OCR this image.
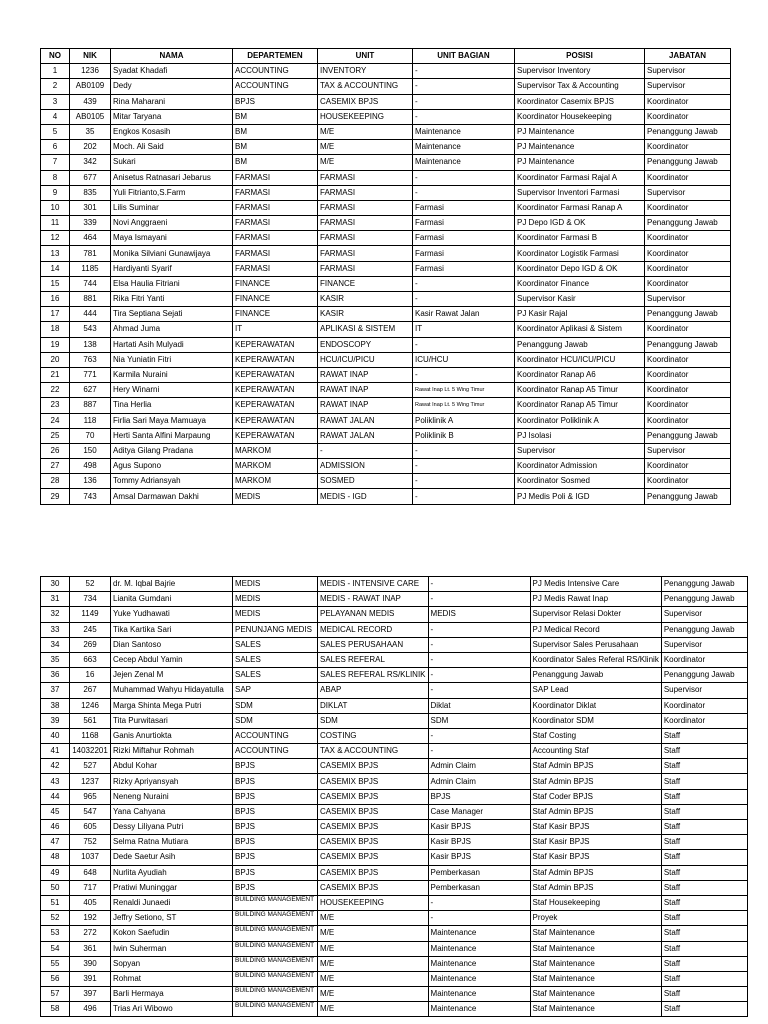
NO	NIK	NAMA	DEPARTEMEN	UNIT	UNIT BAGIAN	POSISI	JABATAN
1	1236	Syadat Khadafi	ACCOUNTING	INVENTORY	-	Supervisor Inventory	Supervisor
2	AB0109	Dedy	ACCOUNTING	TAX & ACCOUNTING	-	Supervisor Tax & Accounting	Supervisor
3	439	Rina Maharani	BPJS	CASEMIX BPJS	-	Koordinator Casemix BPJS	Koordinator
4	AB0105	Mitar Taryana	BM	HOUSEKEEPING	-	Koordinator Housekeeping	Koordinator
5	35	Engkos Kosasih	BM	M/E	Maintenance	PJ Maintenance	Penanggung Jawab
6	202	Moch. Ali Said	BM	M/E	Maintenance	PJ Maintenance	Koordinator
7	342	Sukari	BM	M/E	Maintenance	PJ Maintenance	Penanggung Jawab
8	677	Anisetus Ratnasari Jebarus	FARMASI	FARMASI	-	Koordinator Farmasi Rajal A	Koordinator
9	835	Yuli Fitrianto,S.Farm	FARMASI	FARMASI	-	Supervisor Inventori Farmasi	Supervisor
10	301	Lilis Suminar	FARMASI	FARMASI	Farmasi	Koordinator Farmasi Ranap A	Koordinator
11	339	Novi Anggraeni	FARMASI	FARMASI	Farmasi	PJ Depo IGD & OK	Penanggung Jawab
12	464	Maya Ismayani	FARMASI	FARMASI	Farmasi	Koordinator Farmasi B	Koordinator
13	781	Monika Silviani Gunawijaya	FARMASI	FARMASI	Farmasi	Koordinator Logistik Farmasi	Koordinator
14	1185	Hardiyanti Syarif	FARMASI	FARMASI	Farmasi	Koordinator Depo IGD & OK	Koordinator
15	744	Elsa Haulia Fitriani	FINANCE	FINANCE	-	Koordinator Finance	Koordinator
16	881	Rika Fitri Yanti	FINANCE	KASIR	-	Supervisor Kasir	Supervisor
17	444	Tira Septiana Sejati	FINANCE	KASIR	Kasir Rawat Jalan	PJ Kasir Rajal	Penanggung Jawab
18	543	Ahmad Juma	IT	APLIKASI & SISTEM	IT	Koordinator Aplikasi & Sistem	Koordinator
19	138	Hartati Asih Mulyadi	KEPERAWATAN	ENDOSCOPY	-	Penanggung Jawab	Penanggung Jawab
20	763	Nia Yuniatin Fitri	KEPERAWATAN	HCU/ICU/PICU	ICU/HCU	Koordinator HCU/ICU/PICU	Koordinator
21	771	Karmila Nuraini	KEPERAWATAN	RAWAT INAP	-	Koordinator Ranap A6	Koordinator
22	627	Hery Winarni	KEPERAWATAN	RAWAT INAP	Rawat Inap Lt. 5 Wing Timur	Koordinator Ranap A5 Timur	Koordinator
23	887	Tina Herlia	KEPERAWATAN	RAWAT INAP	Rawat Inap Lt. 5 Wing Timur	Koordinator Ranap A5 Timur	Koordinator
24	118	Firlia Sari Maya Mamuaya	KEPERAWATAN	RAWAT JALAN	Poliklinik A	Koordinator Poliklinik A	Koordinator
25	70	Herti Santa Alfini Marpaung	KEPERAWATAN	RAWAT JALAN	Poliklinik B	PJ Isolasi	Penanggung Jawab
26	150	Aditya Gilang Pradana	MARKOM	-	-	Supervisor	Supervisor
27	498	Agus Supono	MARKOM	ADMISSION	-	Koordinator Admission	Koordinator
28	136	Tommy Adriansyah	MARKOM	SOSMED	-	Koordinator Sosmed	Koordinator
29	743	Amsal Darmawan Dakhi	MEDIS	MEDIS - IGD	-	PJ Medis Poli & IGD	Penanggung Jawab
30	52	dr. M. Iqbal Bajrie	MEDIS	MEDIS - INTENSIVE CARE	-	PJ Medis Intensive Care	Penanggung Jawab
31	734	Lianita Gumdani	MEDIS	MEDIS - RAWAT INAP	-	PJ Medis Rawat Inap	Penanggung Jawab
32	1149	Yuke Yudhawati	MEDIS	PELAYANAN MEDIS	MEDIS	Supervisor Relasi Dokter	Supervisor
33	245	Tika Kartika Sari	PENUNJANG MEDIS	MEDICAL RECORD	-	PJ Medical Record	Penanggung Jawab
34	269	Dian Santoso	SALES	SALES PERUSAHAAN	-	Supervisor Sales Perusahaan	Supervisor
35	663	Cecep Abdul Yamin	SALES	SALES REFERAL	-	Koordinator Sales Referal RS/Klinik	Koordinator
36	16	Jejen Zenal M	SALES	SALES REFERAL RS/KLINIK	-	Penanggung Jawab	Penanggung Jawab
37	267	Muhammad Wahyu Hidayatulla	SAP	ABAP	-	SAP Lead	Supervisor
38	1246	Marga Shinta Mega Putri	SDM	DIKLAT	Diklat	Koordinator Diklat	Koordinator
39	561	Tita Purwitasari	SDM	SDM	SDM	Koordinator SDM	Koordinator
40	1168	Ganis Anurtiokta	ACCOUNTING	COSTING	-	Staf Costing	Staff
41	14032201	Rizki Miftahur Rohmah	ACCOUNTING	TAX & ACCOUNTING	-	Accounting Staf	Staff
42	527	Abdul Kohar	BPJS	CASEMIX BPJS	Admin Claim	Staf Admin BPJS	Staff
43	1237	Rizky Apriyansyah	BPJS	CASEMIX BPJS	Admin Claim	Staf Admin BPJS	Staff
44	965	Neneng Nuraini	BPJS	CASEMIX BPJS	BPJS	Staf Coder BPJS	Staff
45	547	Yana Cahyana	BPJS	CASEMIX BPJS	Case Manager	Staf Admin BPJS	Staff
46	605	Dessy Liliyana Putri	BPJS	CASEMIX BPJS	Kasir BPJS	Staf Kasir BPJS	Staff
47	752	Selma Ratna Mutiara	BPJS	CASEMIX BPJS	Kasir BPJS	Staf Kasir BPJS	Staff
48	1037	Dede Saetur Asih	BPJS	CASEMIX BPJS	Kasir BPJS	Staf Kasir BPJS	Staff
49	648	Nurlita Ayudiah	BPJS	CASEMIX BPJS	Pemberkasan	Staf Admin BPJS	Staff
50	717	Pratiwi Muninggar	BPJS	CASEMIX BPJS	Pemberkasan	Staf Admin BPJS	Staff
51	405	Renaldi Junaedi	BUILDING MANAGEMENT	HOUSEKEEPING	-	Staf Housekeeping	Staff
52	192	Jeffry Setiono, ST	BUILDING MANAGEMENT	M/E	-	Proyek	Staff
53	272	Kokon Saefudin	BUILDING MANAGEMENT	M/E	Maintenance	Staf Maintenance	Staff
54	361	Iwin Suherman	BUILDING MANAGEMENT	M/E	Maintenance	Staf Maintenance	Staff
55	390	Sopyan	BUILDING MANAGEMENT	M/E	Maintenance	Staf Maintenance	Staff
56	391	Rohmat	BUILDING MANAGEMENT	M/E	Maintenance	Staf Maintenance	Staff
57	397	Barli Hermaya	BUILDING MANAGEMENT	M/E	Maintenance	Staf Maintenance	Staff
58	496	Trias Ari Wibowo	BUILDING MANAGEMENT	M/E	Maintenance	Staf Maintenance	Staff
